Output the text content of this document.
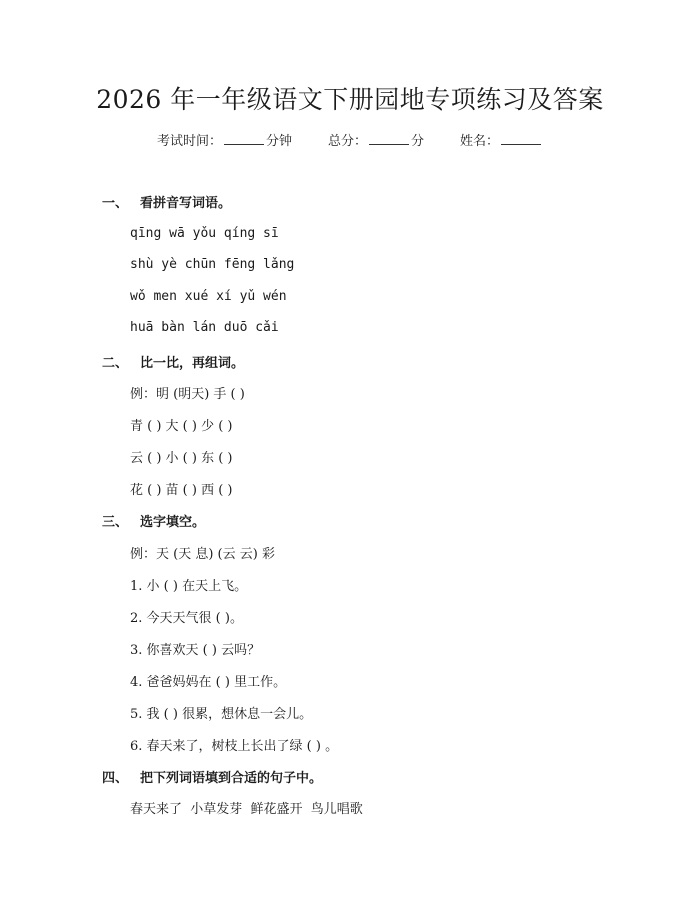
2026 年一年级语文下册园地专项练习及答案
考试时间：	分钟	总分：	分	姓名：
一、 看拼音写词语。
qīng wā yǒu qíng sī
shù yè chūn fēng lǎng
wǒ men xué xí yǔ wén
huā bàn lán duō cǎi
二、 比一比，再组词。
例：明 (明天) 手 ( )
青 ( ) 大 ( ) 少 ( )
云 ( ) 小 ( ) 东 ( )
花 ( ) 苗 ( ) 西 ( )
三、 选字填空。
例：天 (天 息) (云 云) 彩
1. 小 ( ) 在天上飞。
2. 今天天气很 ( )。
3. 你喜欢天 ( ) 云吗？
4. 爸爸妈妈在 ( ) 里工作。
5. 我 ( ) 很累，想休息一会儿。
6. 春天来了，树枝上长出了绿 ( ) 。
四、 把下列词语填到合适的句子中。
春天来了  小草发芽  鲜花盛开  鸟儿唱歌
